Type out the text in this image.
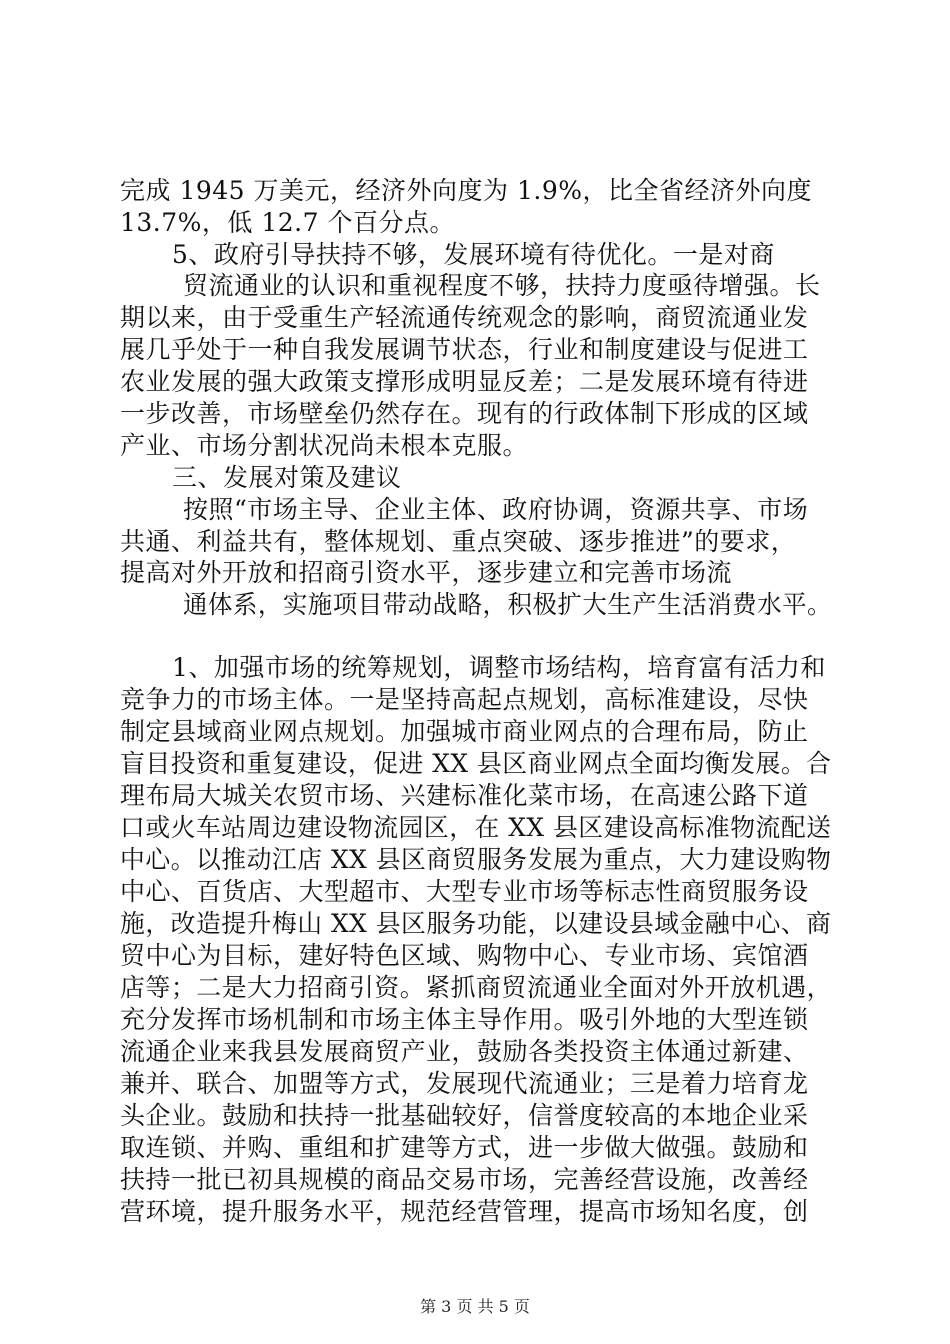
完成 1945 万美元，经济外向度为 1.9%，比全省经济外向度
13.7%，低 12.7 个百分点。
5、政府引导扶持不够，发展环境有待优化。一是对商
贸流通业的认识和重视程度不够，扶持力度亟待增强。长
期以来，由于受重生产轻流通传统观念的影响，商贸流通业发
展几乎处于一种自我发展调节状态，行业和制度建设与促进工
农业发展的强大政策支撑形成明显反差；二是发展环境有待进
一步改善，市场壁垒仍然存在。现有的行政体制下形成的区域
产业、市场分割状况尚未根本克服。
三、发展对策及建议
按照“市场主导、企业主体、政府协调，资源共享、市场
共通、利益共有，整体规划、重点突破、逐步推进”的要求，
提高对外开放和招商引资水平，逐步建立和完善市场流
通体系，实施项目带动战略，积极扩大生产生活消费水平。
1、加强市场的统筹规划，调整市场结构，培育富有活力和
竞争力的市场主体。一是坚持高起点规划，高标准建设，尽快
制定县域商业网点规划。加强城市商业网点的合理布局，防止
盲目投资和重复建设，促进 XX 县区商业网点全面均衡发展。合
理布局大城关农贸市场、兴建标准化菜市场，在高速公路下道
口或火车站周边建设物流园区，在 XX 县区建设高标准物流配送
中心。以推动江店 XX 县区商贸服务发展为重点，大力建设购物
中心、百货店、大型超市、大型专业市场等标志性商贸服务设
施，改造提升梅山 XX 县区服务功能，以建设县域金融中心、商
贸中心为目标，建好特色区域、购物中心、专业市场、宾馆酒
店等；二是大力招商引资。紧抓商贸流通业全面对外开放机遇，
充分发挥市场机制和市场主体主导作用。吸引外地的大型连锁
流通企业来我县发展商贸产业，鼓励各类投资主体通过新建、
兼并、联合、加盟等方式，发展现代流通业；三是着力培育龙
头企业。鼓励和扶持一批基础较好，信誉度较高的本地企业采
取连锁、并购、重组和扩建等方式，进一步做大做强。鼓励和
扶持一批已初具规模的商品交易市场，完善经营设施，改善经
营环境，提升服务水平，规范经营管理，提高市场知名度，创
第 3 页 共 5 页
